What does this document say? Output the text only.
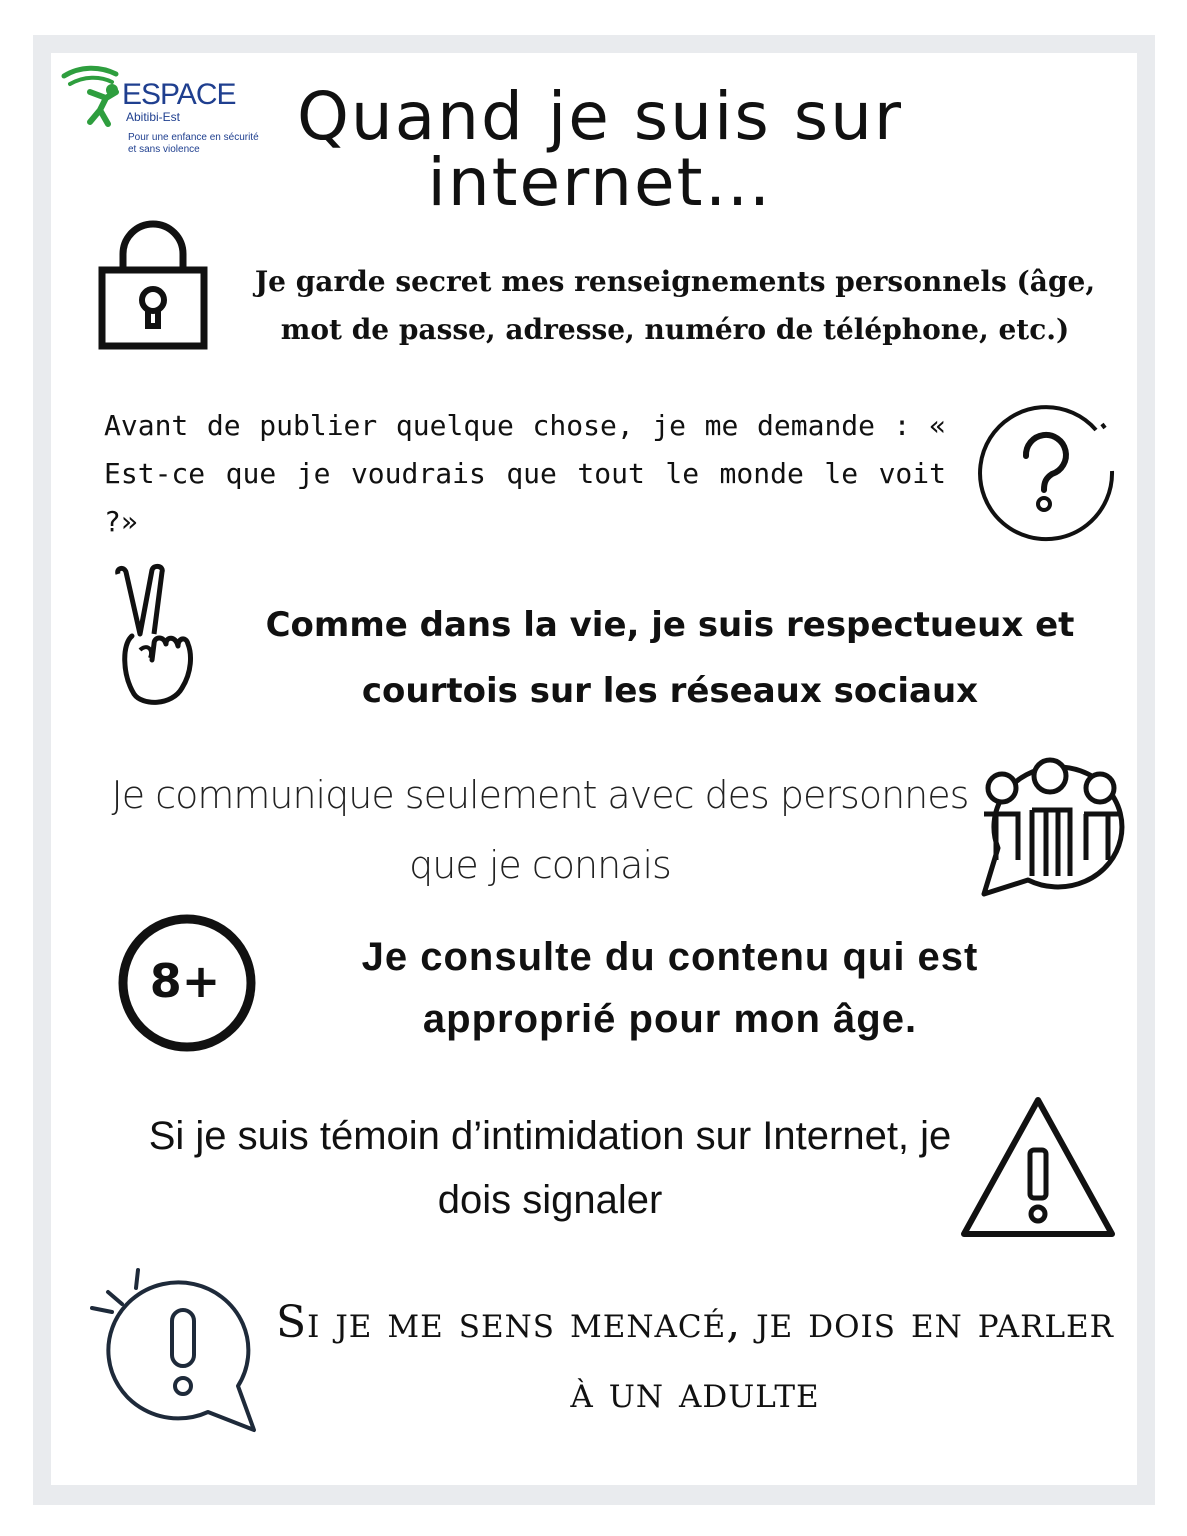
ESPACE
Abitibi-Est
Pour une enfance en sécurité et sans violence	Quand je suis sur internet…
Je garde secret mes renseignements personnels (âge, mot de passe, adresse, numéro de téléphone, etc.)
Avant de publier quelque chose, je me demande : « Est-ce que je voudrais que tout le monde le voit ?»
Comme dans la vie, je suis respectueux et courtois sur les réseaux sociaux
Je communique seulement avec des personnes que je connais
8+	Je consulte du contenu qui est approprié pour mon âge.
Si je suis témoin d’intimidation sur Internet, je dois signaler
Si je me sens menacé, je dois en parler à un adulte
